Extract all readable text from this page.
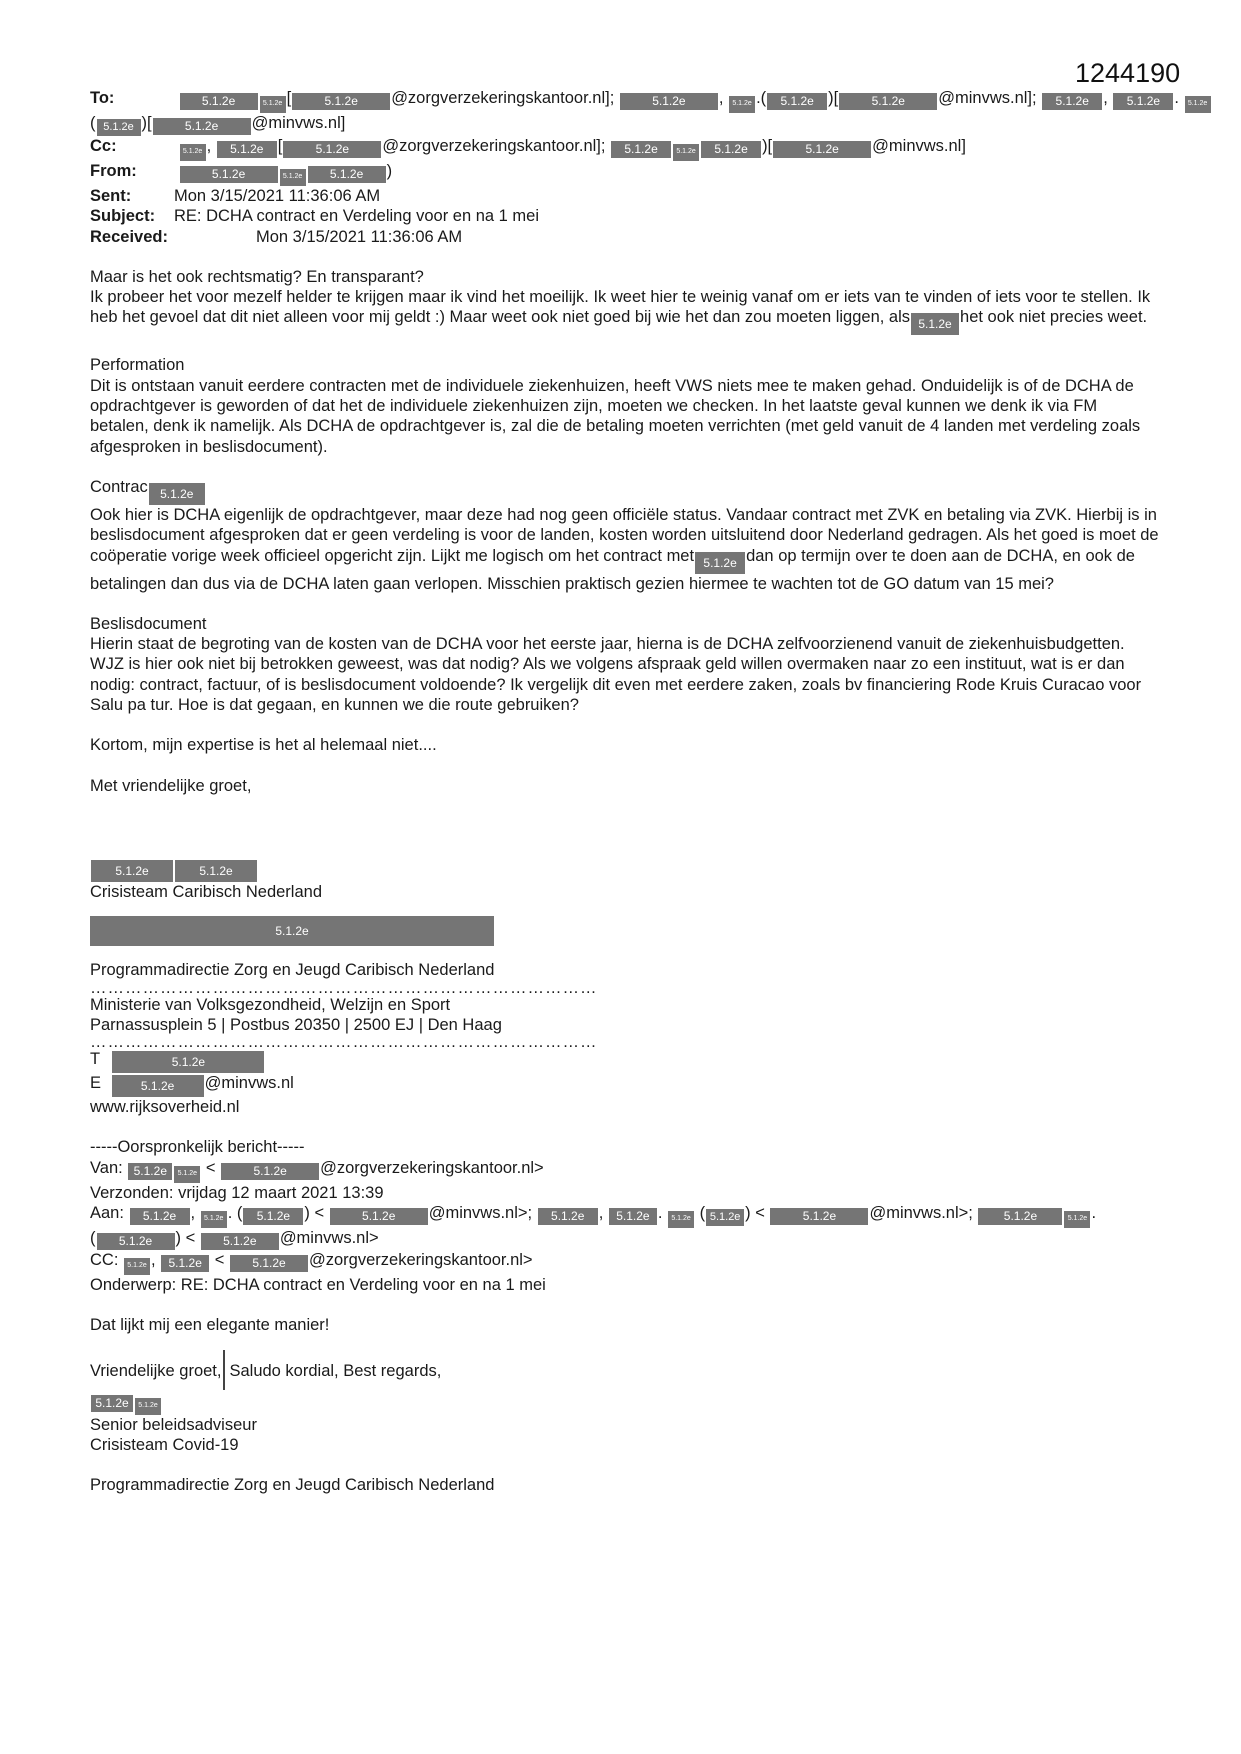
1244190
To:	5.1.2e	5.1.2e [	5.1.2e @zorgverzekeringskantoor.nl];	5.1.2e , 5.1.2e .( 5.1.2e )[	5.1.2e @minvws.nl]; 5.1.2e , 5.1.2e . 5.1.2e
( 5.1.2e )[	5.1.2e @minvws.nl]
Cc:	5.1.2e , 5.1.2e [	5.1.2e @zorgverzekeringskantoor.nl]; 5.1.2e	5.1.2e 5.1.2e )[	5.1.2e @minvws.nl]
From:	5.1.2e	5.1.2e 5.1.2e )
Sent:	Mon 3/15/2021 11:36:06 AM
Subject: RE: DCHA contract en Verdeling voor en na 1 mei
Received:	Mon 3/15/2021 11:36:06 AM

Maar is het ook rechtsmatig? En transparant?

Ik probeer het voor mezelf helder te krijgen maar ik vind het moeilijk. Ik weet hier te weinig vanaf om er iets van te vinden of iets voor te stellen. Ik heb het gevoel dat dit niet alleen voor mij geldt :) Maar weet ook niet goed bij wie het dan zou moeten liggen, als 5.1.2e het ook niet precies weet.

Performation

Dit is ontstaan vanuit eerdere contracten met de individuele ziekenhuizen, heeft VWS niets mee te maken gehad. Onduidelijk is of de DCHA de opdrachtgever is geworden of dat het de individuele ziekenhuizen zijn, moeten we checken. In het laatste geval kunnen we denk ik via FM betalen, denk ik namelijk. Als DCHA de opdrachtgever is, zal die de betaling moeten verrichten (met geld vanuit de 4 landen met verdeling zoals afgesproken in beslisdocument).

Contrac 5.1.2e
Ook hier is DCHA eigenlijk de opdrachtgever, maar deze had nog geen officiële status. Vandaar contract met ZVK en betaling via ZVK. Hierbij is in beslisdocument afgesproken dat er geen verdeling is voor de landen, kosten worden uitsluitend door Nederland gedragen. Als het goed is moet de coöperatie vorige week officieel opgericht zijn. Lijkt me logisch om het contract met 5.1.2e dan op termijn over te doen aan de DCHA, en ook de betalingen dan dus via de DCHA laten gaan verlopen. Misschien praktisch gezien hiermee te wachten tot de GO datum van 15 mei?

Beslisdocument

Hierin staat de begroting van de kosten van de DCHA voor het eerste jaar, hierna is de DCHA zelfvoorzienend vanuit de ziekenhuisbudgetten. WJZ is hier ook niet bij betrokken geweest, was dat nodig? Als we volgens afspraak geld willen overmaken naar zo een instituut, wat is er dan nodig: contract, factuur, of is beslisdocument voldoende? Ik vergelijk dit even met eerdere zaken, zoals bv financiering Rode Kruis Curacao voor Salu pa tur. Hoe is dat gegaan, en kunnen we die route gebruiken?

Kortom, mijn expertise is het al helemaal niet....

Met vriendelijke groet,

5.1.2e	5.1.2e

Crisisteam Caribisch Nederland

5.1.2e

Programmadirectie Zorg en Jeugd Caribisch Nederland

……………………………………………………………………………

Ministerie van Volksgezondheid, Welzijn en Sport

Parnassusplein 5 | Postbus 20350 | 2500 EJ | Den Haag

……………………………………………………………………………
T	5.1.2e
E	5.1.2e @minvws.nl

www.rijksoverheid.nl

-----Oorspronkelijk bericht-----

Van: 5.1.2e 5.1.2e <	5.1.2e @zorgverzekeringskantoor.nl>

Verzonden: vrijdag 12 maart 2021 13:39

Aan: 5.1.2e , 5.1.2e . ( 5.1.2e ) <	5.1.2e @minvws.nl>; 5.1.2e , 5.1.2e . 5.1.2e ( 5.1.2e ) <	5.1.2e @minvws.nl>;	5.1.2e	5.1.2e .
( 5.1.2e ) < 5.1.2e @minvws.nl>
CC: 5.1.2e , 5.1.2e < 5.1.2e @zorgverzekeringskantoor.nl>

Onderwerp: RE: DCHA contract en Verdeling voor en na 1 mei

Dat lijkt mij een elegante manier!

Vriendelijke groet, Saludo kordial, Best regards,

5.1.2e 5.1.2e

Senior beleidsadviseur

Crisisteam Covid-19

Programmadirectie Zorg en Jeugd Caribisch Nederland
